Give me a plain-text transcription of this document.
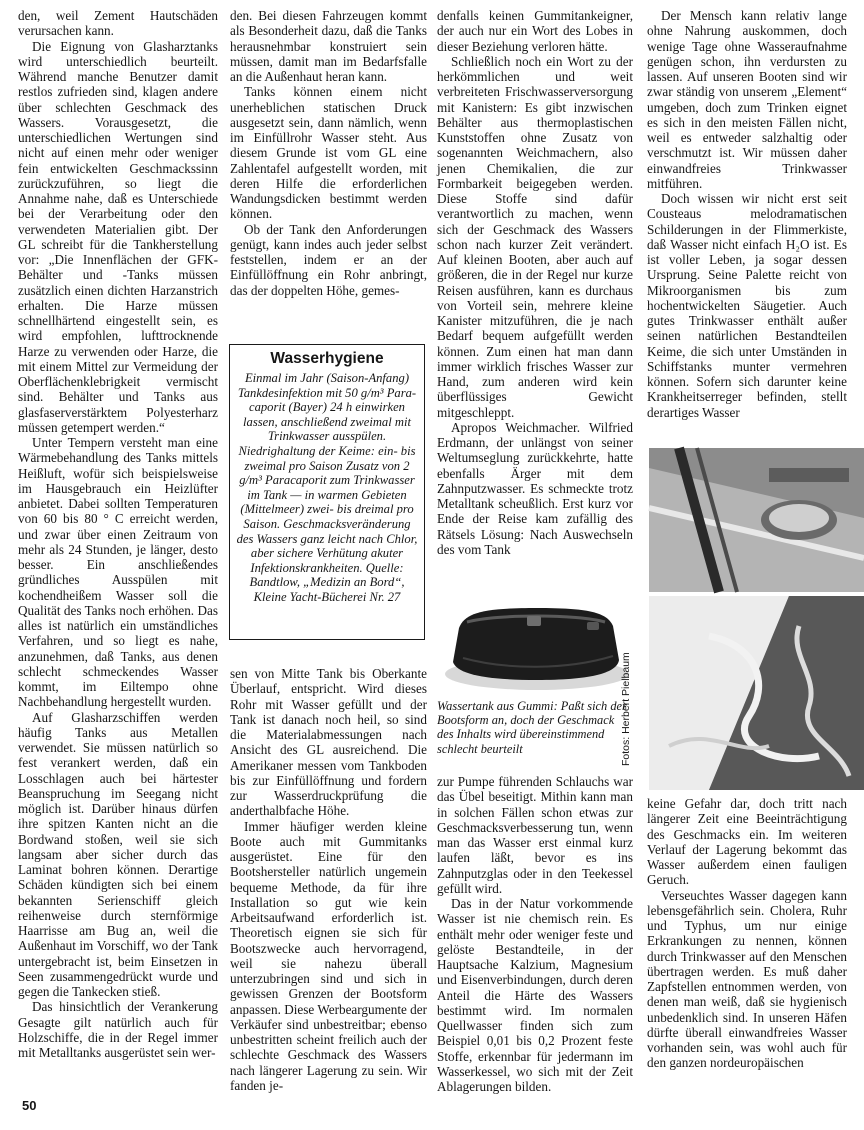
den, weil Zement Hautschäden verursachen kann.

Die Eignung von Glasharztanks wird unterschiedlich beurteilt. Während manche Benutzer damit restlos zufrieden sind, klagen andere über schlechten Geschmack des Wassers. Vorausgesetzt, die unterschiedlichen Wertungen sind nicht auf einen mehr oder weniger fein entwickelten Geschmackssinn zurückzuführen, so liegt die Annahme nahe, daß es Unterschiede bei der Verarbeitung oder den verwendeten Materialien gibt. Der GL schreibt für die Tankherstellung vor: „Die Innenflächen der GFK-Behälter und -Tanks müssen zusätzlich einen dichten Harzanstrich erhalten. Die Harze müssen schnellhärtend eingestellt sein, es wird empfohlen, lufttrocknende Harze zu verwenden oder Harze, die mit einem Mittel zur Vermeidung der Oberflächenklebrigkeit vermischt sind. Behälter und Tanks aus glasfaserverstärktem Polyesterharz müssen getempert werden.“

Unter Tempern versteht man eine Wärmebehandlung des Tanks mittels Heißluft, wofür sich beispielsweise im Hausgebrauch ein Heizlüfter anbietet. Dabei sollten Temperaturen von 60 bis 80 ° C erreicht werden, und zwar über einen Zeitraum von mehr als 24 Stunden, je länger, desto besser. Ein anschließendes gründliches Ausspülen mit kochendheißem Wasser soll die Qualität des Tanks noch erhöhen. Das alles ist natürlich ein umständliches Verfahren, und so liegt es nahe, anzunehmen, daß Tanks, aus denen schlecht schmeckendes Wasser kommt, im Eiltempo ohne Nachbehandlung hergestellt wurden.

Auf Glasharzschiffen werden häufig Tanks aus Metallen verwendet. Sie müssen natürlich so fest verankert werden, daß ein Losschlagen auch bei härtester Beanspruchung im Seegang nicht möglich ist. Darüber hinaus dürfen ihre spitzen Kanten nicht an die Bordwand stoßen, weil sie sich langsam aber sicher durch das Laminat bohren können. Derartige Schäden kündigten sich bei einem bekannten Serienschiff gleich reihenweise durch sternförmige Haarrisse am Bug an, weil die Außenhaut im Vorschiff, wo der Tank untergebracht ist, beim Einsetzen in Seen zusammengedrückt wurde und gegen die Tankecken stieß.

Das hinsichtlich der Verankerung Gesagte gilt natürlich auch für Holzschiffe, die in der Regel immer mit Metalltanks ausgerüstet sein wer-

den. Bei diesen Fahrzeugen kommt als Besonderheit dazu, daß die Tanks herausnehmbar konstruiert sein müssen, damit man im Bedarfsfalle an die Außenhaut heran kann.

Tanks können einem nicht unerheblichen statischen Druck ausgesetzt sein, dann nämlich, wenn im Einfüllrohr Wasser steht. Aus diesem Grunde ist vom GL eine Zahlentafel aufgestellt worden, mit deren Hilfe die erforderlichen Wandungsdicken bestimmt werden können.

Ob der Tank den Anforderungen genügt, kann indes auch jeder selbst feststellen, indem er an der Einfüllöffnung ein Rohr anbringt, das der doppelten Höhe, gemes-

Wasserhygiene
Einmal im Jahr (Saison-Anfang) Tankdesinfektion mit 50 g/m³ Para-caporit (Bayer) 24 h einwirken lassen, anschließend zweimal mit Trinkwasser ausspülen. Niedrighaltung der Keime: ein- bis zweimal pro Saison Zusatz von 2 g/m³ Paracaporit zum Trinkwasser im Tank — in warmen Gebieten (Mittelmeer) zwei- bis dreimal pro Saison. Geschmacksveränderung des Wassers ganz leicht nach Chlor, aber sichere Verhütung akuter Infektionskrankheiten. Quelle: Bandtlow, „Medizin an Bord“, Kleine Yacht-Bücherei Nr. 27

sen von Mitte Tank bis Oberkante Überlauf, entspricht. Wird dieses Rohr mit Wasser gefüllt und der Tank ist danach noch heil, so sind die Materialabmessungen nach Ansicht des GL ausreichend. Die Amerikaner messen vom Tankboden bis zur Einfüllöffnung und fordern zur Wasserdruckprüfung die anderthalbfache Höhe.

Immer häufiger werden kleine Boote auch mit Gummitanks ausgerüstet. Eine für den Bootshersteller natürlich ungemein bequeme Methode, da für ihre Installation so gut wie kein Arbeitsaufwand erforderlich ist. Theoretisch eignen sie sich für Bootszwecke auch hervorragend, weil sie nahezu überall unterzubringen sind und sich in gewissen Grenzen der Bootsform anpassen. Diese Werbeargumente der Verkäufer sind unbestreitbar; ebenso unbestritten scheint freilich auch der schlechte Geschmack des Wassers nach längerer Lagerung zu sein. Wir fanden je-

denfalls keinen Gummitankeigner, der auch nur ein Wort des Lobes in dieser Beziehung verloren hätte.

Schließlich noch ein Wort zu der herkömmlichen und weit verbreiteten Frischwasserversorgung mit Kanistern: Es gibt inzwischen Behälter aus thermoplastischen Kunststoffen ohne Zusatz von sogenannten Weichmachern, also jenen Chemikalien, die zur Formbarkeit beigegeben werden. Diese Stoffe sind dafür verantwortlich zu machen, wenn sich der Geschmack des Wassers schon nach kurzer Zeit verändert. Auf kleinen Booten, aber auch auf größeren, die in der Regel nur kurze Reisen ausführen, kann es durchaus von Vorteil sein, mehrere kleine Kanister mitzuführen, die je nach Bedarf bequem aufgefüllt werden können. Zum einen hat man dann immer wirklich frisches Wasser zur Hand, zum anderen wird kein überflüssiges Gewicht mitgeschleppt.

Apropos Weichmacher. Wilfried Erdmann, der unlängst von seiner Weltumseglung zurückkehrte, hatte ebenfalls Ärger mit dem Zahnputzwasser. Es schmeckte trotz Metalltank scheußlich. Erst kurz vor Ende der Reise kam zufällig des Rätsels Lösung: Nach Auswechseln des vom Tank

Wassertank aus Gummi: Paßt sich der Bootsform an, doch der Geschmack des Inhalts wird übereinstimmend schlecht beurteilt	Fotos: Herbert Pielbaum

zur Pumpe führenden Schlauchs war das Übel beseitigt. Mithin kann man in solchen Fällen schon etwas zur Geschmacksverbesserung tun, wenn man das Wasser erst einmal kurz laufen läßt, bevor es ins Zahnputzglas oder in den Teekessel gefüllt wird.

Das in der Natur vorkommende Wasser ist nie chemisch rein. Es enthält mehr oder weniger feste und gelöste Bestandteile, in der Hauptsache Kalzium, Magnesium und Eisenverbindungen, durch deren Anteil die Härte des Wassers bestimmt wird. Im normalen Quellwasser finden sich zum Beispiel 0,01 bis 0,2 Prozent feste Stoffe, erkennbar für jedermann im Wasserkessel, wo sich mit der Zeit Ablagerungen bilden.

Der Mensch kann relativ lange ohne Nahrung auskommen, doch wenige Tage ohne Wasseraufnahme genügen schon, ihn verdursten zu lassen. Auf unseren Booten sind wir zwar ständig von unserem „Element“ umgeben, doch zum Trinken eignet es sich in den meisten Fällen nicht, weil es entweder salzhaltig oder verschmutzt ist. Wir müssen daher einwandfreies Trinkwasser mitführen.

Doch wissen wir nicht erst seit Cousteaus melodramatischen Schilderungen in der Flimmerkiste, daß Wasser nicht einfach H₂O ist. Es ist voller Leben, ja sogar dessen Ursprung. Seine Palette reicht von Mikroorganismen bis zum hochentwickelten Säugetier. Auch gutes Trinkwasser enthält außer seinen natürlichen Bestandteilen Keime, die sich unter Umständen in Schiffstanks munter vermehren können. Sofern sich darunter keine Krankheitserreger befinden, stellt derartiges Wasser

keine Gefahr dar, doch tritt nach längerer Zeit eine Beeinträchtigung des Geschmacks ein. Im weiteren Verlauf der Lagerung bekommt das Wasser außerdem einen fauligen Geruch.

Verseuchtes Wasser dagegen kann lebensgefährlich sein. Cholera, Ruhr und Typhus, um nur einige Erkrankungen zu nennen, können durch Trinkwasser auf den Menschen übertragen werden. Es muß daher Zapfstellen entnommen werden, von denen man weiß, daß sie hygienisch unbedenklich sind. In unseren Häfen dürfte überall einwandfreies Wasser vorhanden sein, was wohl auch für den ganzen nordeuropäischen

50
